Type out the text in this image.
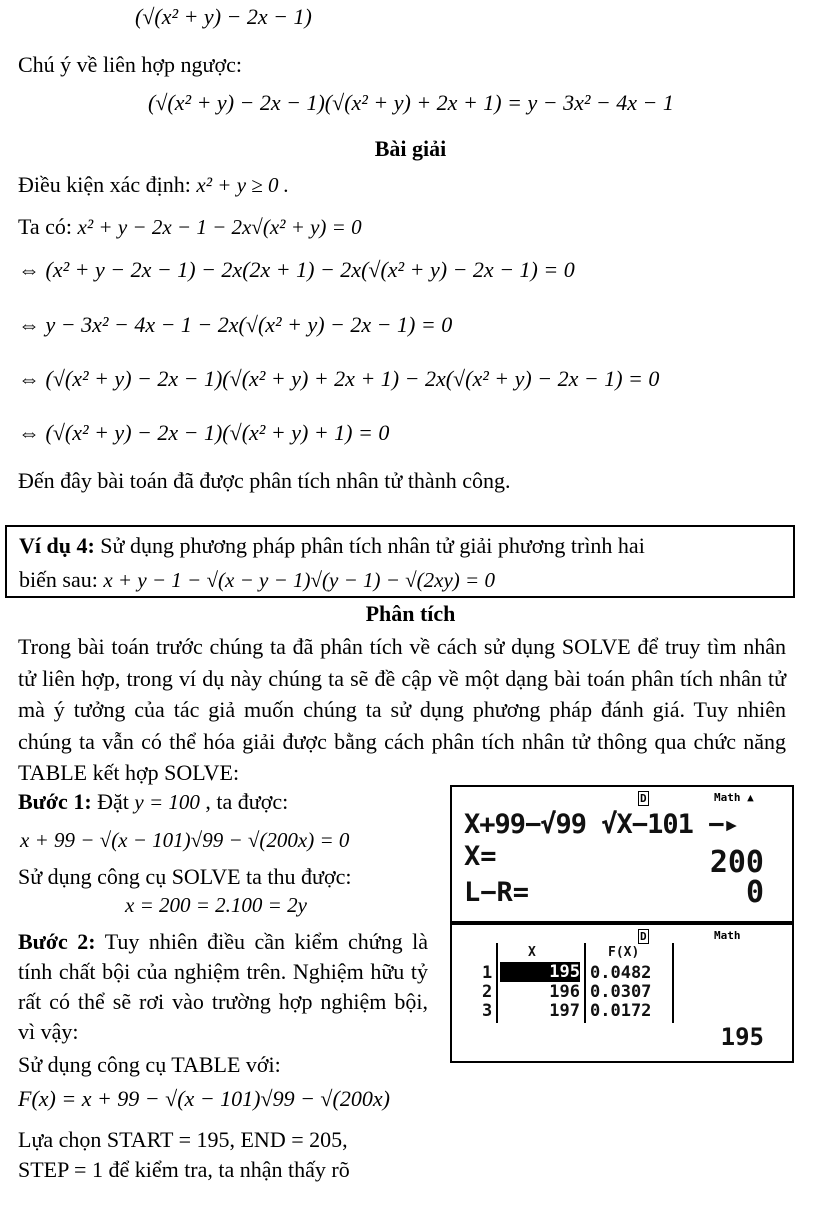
(√(x² + y) − 2x − 1)
Chú ý về liên hợp ngược:
(√(x² + y) − 2x − 1)(√(x² + y) + 2x + 1) = y − 3x² − 4x − 1
Bài giải
Điều kiện xác định: x² + y ≥ 0 .
Ta có: x² + y − 2x − 1 − 2x√(x² + y) = 0
⇔ (x² + y − 2x − 1) − 2x(2x + 1) − 2x(√(x² + y) − 2x − 1) = 0
⇔ y − 3x² − 4x − 1 − 2x(√(x² + y) − 2x − 1) = 0
⇔ (√(x² + y) − 2x − 1)(√(x² + y) + 2x + 1) − 2x(√(x² + y) − 2x − 1) = 0
⇔ (√(x² + y) − 2x − 1)(√(x² + y) + 1) = 0
Đến đây bài toán đã được phân tích nhân tử thành công.
Ví dụ 4: Sử dụng phương pháp phân tích nhân tử giải phương trình hai
biến sau: x + y − 1 − √(x − y − 1)√(y − 1) − √(2xy) = 0
Phân tích
Trong bài toán trước chúng ta đã phân tích về cách sử dụng SOLVE để truy tìm nhân tử liên hợp, trong ví dụ này chúng ta sẽ đề cập về một dạng bài toán phân tích nhân tử mà ý tưởng của tác giả muốn chúng ta sử dụng phương pháp đánh giá. Tuy nhiên chúng ta vẫn có thể hóa giải được bằng cách phân tích nhân tử thông qua chức năng TABLE kết hợp SOLVE:
Bước 1: Đặt y = 100 , ta được:
x + 99 − √(x − 101)√99 − √(200x) = 0
Sử dụng công cụ SOLVE ta thu được:
x = 200 = 2.100 = 2y
Bước 2: Tuy nhiên điều cần kiểm chứng là tính chất bội của nghiệm trên. Nghiệm hữu tỷ rất có thể sẽ rơi vào trường hợp nghiệm bội, vì vậy:
Sử dụng công cụ TABLE với:
F(x) = x + 99 − √(x − 101)√99 − √(200x)
Lựa chọn START = 195, END = 205,
STEP = 1 để kiểm tra, ta nhận thấy rõ
D	Math ▲
X+99−√99 √X−101 −▸
X=	200
L−R=	0
D	Math
X	F(X)
1	195 0.0482
2	196 0.0307
3	197 0.0172
195
